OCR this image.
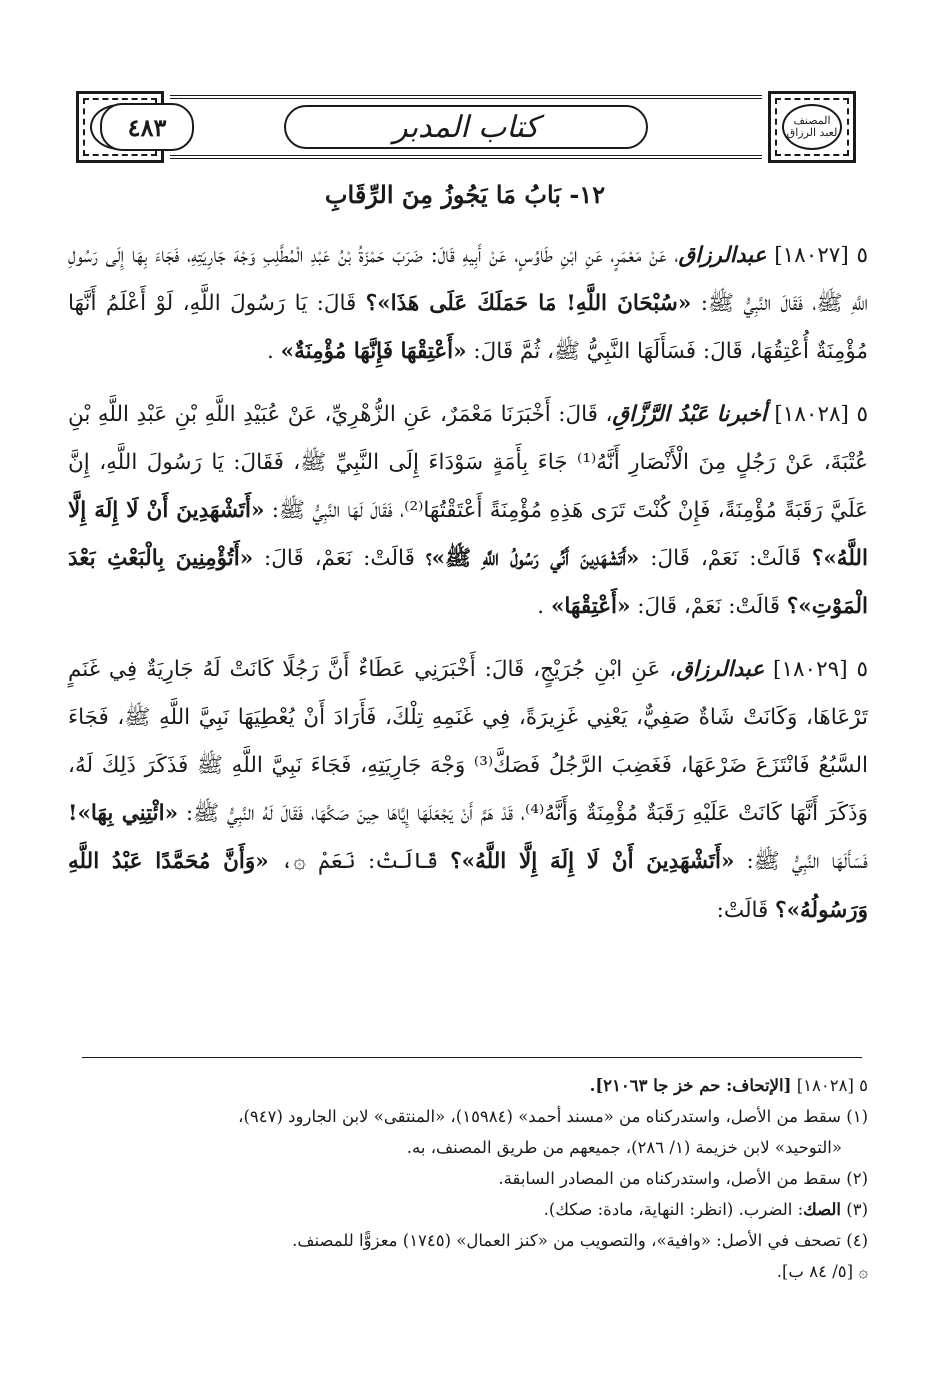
المصنف لعبد الرزاق
كتاب المدبر
٤٨٣
١٢- بَابُ مَا يَجُوزُ مِنَ الرِّقَابِ

٥ [١٨٠٢٧] عبدالرزاق، عَنْ مَعْمَرٍ، عَنِ ابْنِ طَاوُسٍ، عَنْ أَبِيهِ قَالَ: ضَرَبَ حَمْزَةُ بْنُ عَبْدِ الْمُطَّلِبِ وَجْهَ جَارِيَتِهِ، فَجَاءَ بِهَا إِلَى رَسُولِ اللَّهِ ﷺ، فَقَالَ النَّبِيُّ ﷺ: «سُبْحَانَ اللَّهِ! مَا حَمَلَكَ عَلَى هَذَا»؟ قَالَ: يَا رَسُولَ اللَّهِ، لَوْ أَعْلَمُ أَنَّهَا مُؤْمِنَةٌ أُعْتِقُهَا، قَالَ: فَسَأَلَهَا النَّبِيُّ ﷺ، ثُمَّ قَالَ: «أَعْتِقْهَا فَإِنَّهَا مُؤْمِنَةٌ» .

٥ [١٨٠٢٨] أخبرنا عَبْدُ الرَّزَّاقِ، قَالَ: أَخْبَرَنَا مَعْمَرٌ، عَنِ الزُّهْرِيِّ، عَنْ عُبَيْدِ اللَّهِ بْنِ عَبْدِ اللَّهِ بْنِ عُتْبَةَ، عَنْ رَجُلٍ مِنَ الْأَنْصَارِ أَنَّهُ⁽¹⁾ جَاءَ بِأَمَةٍ سَوْدَاءَ إِلَى النَّبِيِّ ﷺ، فَقَالَ: يَا رَسُولَ اللَّهِ، إِنَّ عَلَيَّ رَقَبَةً مُؤْمِنَةً، فَإِنْ كُنْتَ تَرَى هَذِهِ مُؤْمِنَةً أَعْتَقْتُهَا⁽²⁾، فَقَالَ لَهَا النَّبِيُّ ﷺ: «أَتَشْهَدِينَ أَنْ لَا إِلَهَ إِلَّا اللَّهُ»؟ قَالَتْ: نَعَمْ، قَالَ: «أَتَشْهَدِينَ أَنِّي رَسُولُ اللَّهِ ﷺ»؟ قَالَتْ: نَعَمْ، قَالَ: «أَتُؤْمِنِينَ بِالْبَعْثِ بَعْدَ الْمَوْتِ»؟ قَالَتْ: نَعَمْ، قَالَ: «أَعْتِقْهَا» .

٥ [١٨٠٢٩] عبدالرزاق، عَنِ ابْنِ جُرَيْجٍ، قَالَ: أَخْبَرَنِي عَطَاءٌ أَنَّ رَجُلًا كَانَتْ لَهُ جَارِيَةٌ فِي غَنَمٍ تَرْعَاهَا، وَكَانَتْ شَاةٌ صَفِيٌّ، يَعْنِي غَزِيرَةً، فِي غَنَمِهِ تِلْكَ، فَأَرَادَ أَنْ يُعْطِيَهَا نَبِيَّ اللَّهِ ﷺ، فَجَاءَ السَّبُعُ فَانْتَزَعَ ضَرْعَهَا، فَغَضِبَ الرَّجُلُ فَصَكَّ⁽³⁾ وَجْهَ جَارِيَتِهِ، فَجَاءَ نَبِيَّ اللَّهِ ﷺ فَذَكَرَ ذَلِكَ لَهُ، وَذَكَرَ أَنَّهَا كَانَتْ عَلَيْهِ رَقَبَةٌ مُؤْمِنَةٌ وَأَنَّهُ⁽⁴⁾، قَدْ هَمَّ أَنْ يَجْعَلَهَا إِيَّاهَا حِينَ صَكَّهَا، فَقَالَ لَهُ النَّبِيُّ ﷺ: «ائْتِنِي بِهَا»! فَسَأَلَهَا النَّبِيُّ ﷺ: «أَتَشْهَدِينَ أَنْ لَا إِلَهَ إِلَّا اللَّهُ»؟ قَالَتْ: نَعَمْ ۞، «وَأَنَّ مُحَمَّدًا عَبْدُ اللَّهِ وَرَسُولُهُ»؟ قَالَتْ:

٥ [١٨٠٢٨] [الإتحاف: حم خز جا ٢١٠٦٣].

(١) سقط من الأصل، واستدركناه من «مسند أحمد» (١٥٩٨٤)، «المنتقى» لابن الجارود (٩٤٧)،

«التوحيد» لابن خزيمة (١/ ٢٨٦)، جميعهم من طريق المصنف، به.

(٢) سقط من الأصل، واستدركناه من المصادر السابقة.

(٣) الصك: الضرب. (انظر: النهاية، مادة: صكك).

(٤) تصحف في الأصل: «وافية»، والتصويب من «كنز العمال» (١٧٤٥) معزوًّا للمصنف.

۞ [٥/ ٨٤ ب].
